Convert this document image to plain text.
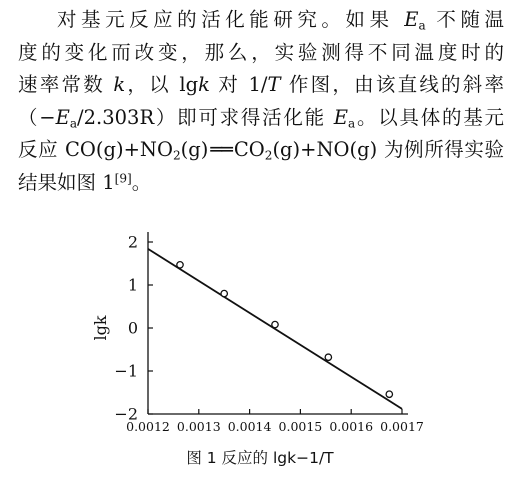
对基元反应的活化能研究。如果 $E_a$ 不随温
度的变化而改变，那么，实验测得不同温度时的
速率常数 k，以 lgk 对 1/T 作图，由该直线的斜率
$(-E_a/2.303R)$即可求得活化能 $E_a$。以具体的基元
反应 $CO(g)+NO_2(g)$ ══ $CO_2(g)+NO(g)$ 为例所得实验
结果如图 1[9]。
2
1
0
−1
−2
0.0012 0.0013 0.0014 0.0015 0.0016 0.0017
lgk
图 1 反应的 lgk−1/T
